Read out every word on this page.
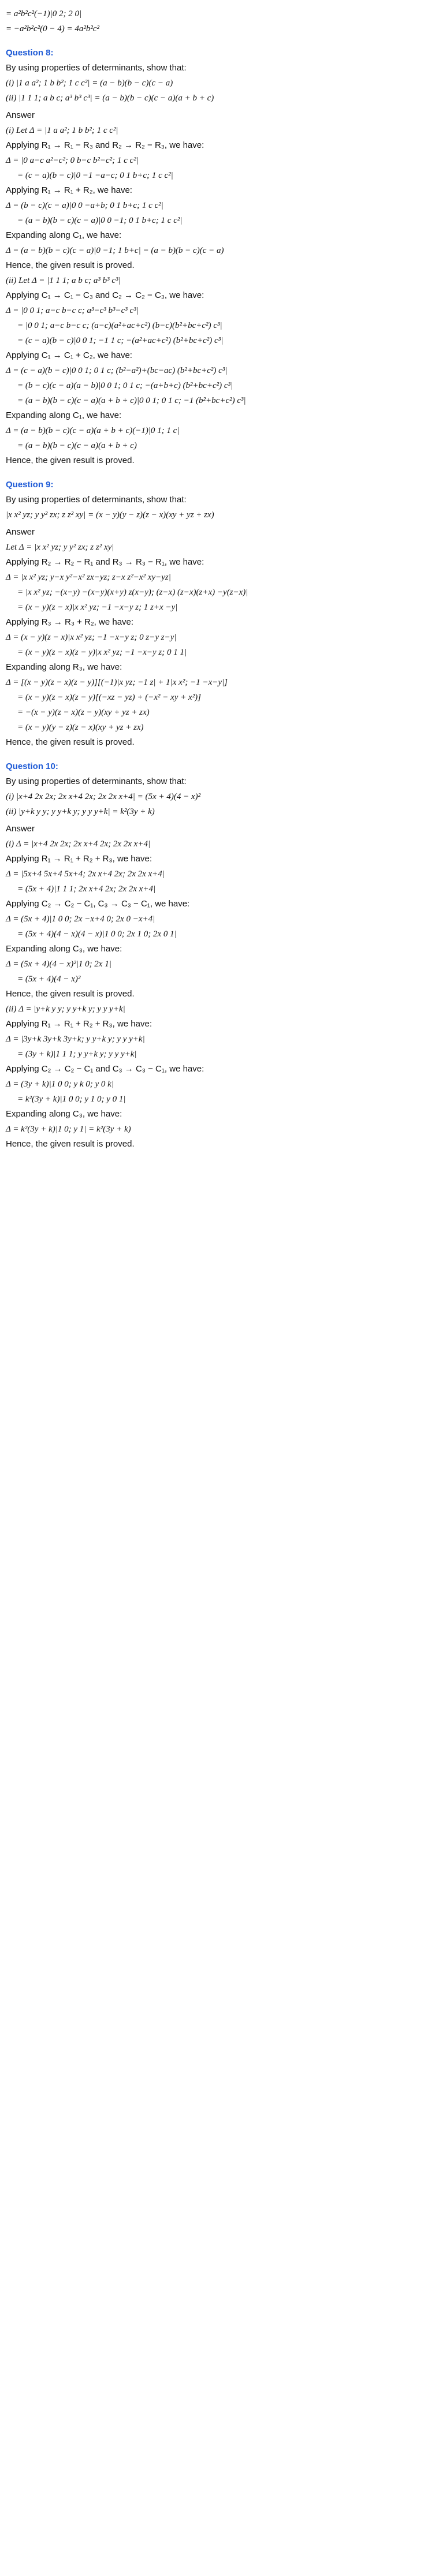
= a²b²c²(−1)|0 2; 2 0|
= −a²b²c²(0 − 4) = 4a²b²c²
Question 8:
By using properties of determinants, show that:
(i) |1 a a²; 1 b b²; 1 c c²| = (a − b)(b − c)(c − a)
(ii) |1 1 1; a b c; a³ b³ c³| = (a − b)(b − c)(c − a)(a + b + c)
Answer
(i) Let Δ = |1 a a²; 1 b b²; 1 c c²|
Applying R₁ → R₁ − R₃ and R₂ → R₂ − R₃, we have:
Δ = |0 a−c a²−c²; 0 b−c b²−c²; 1 c c²|
= (c − a)(b − c)|0 −1 −a−c; 0 1 b+c; 1 c c²|
Applying R₁ → R₁ + R₂, we have:
Δ = (b − c)(c − a)|0 0 −a+b; 0 1 b+c; 1 c c²|
= (a − b)(b − c)(c − a)|0 0 −1; 0 1 b+c; 1 c c²|
Expanding along C₁, we have:
Δ = (a − b)(b − c)(c − a)|0 −1; 1 b+c| = (a − b)(b − c)(c − a)
Hence, the given result is proved.
(ii) Let Δ = |1 1 1; a b c; a³ b³ c³|
Applying C₁ → C₁ − C₃ and C₂ → C₂ − C₃, we have:
Δ = |0 0 1; a−c b−c c; a³−c³ b³−c³ c³|
= |0 0 1; a−c b−c c; (a−c)(a²+ac+c²) (b−c)(b²+bc+c²) c³|
= (c − a)(b − c)|0 0 1; −1 1 c; −(a²+ac+c²) (b²+bc+c²) c³|
Applying C₁ → C₁ + C₂, we have:
Δ = (c − a)(b − c)|0 0 1; 0 1 c; (b²−a²)+(bc−ac) (b²+bc+c²) c³|
= (b − c)(c − a)(a − b)|0 0 1; 0 1 c; −(a+b+c) (b²+bc+c²) c³|
= (a − b)(b − c)(c − a)(a + b + c)|0 0 1; 0 1 c; −1 (b²+bc+c²) c³|
Expanding along C₁, we have:
Δ = (a − b)(b − c)(c − a)(a + b + c)(−1)|0 1; 1 c|
= (a − b)(b − c)(c − a)(a + b + c)
Hence, the given result is proved.
Question 9:
By using properties of determinants, show that:
|x x² yz; y y² zx; z z² xy| = (x − y)(y − z)(z − x)(xy + yz + zx)
Answer
Let Δ = |x x² yz; y y² zx; z z² xy|
Applying R₂ → R₂ − R₁ and R₃ → R₃ − R₁, we have:
Δ = |x x² yz; y−x y²−x² zx−yz; z−x z²−x² xy−yz|
= |x x² yz; −(x−y) −(x−y)(x+y) z(x−y); (z−x) (z−x)(z+x) −y(z−x)|
= (x − y)(z − x)|x x² yz; −1 −x−y z; 1 z+x −y|
Applying R₃ → R₃ + R₂, we have:
Δ = (x − y)(z − x)|x x² yz; −1 −x−y z; 0 z−y z−y|
= (x − y)(z − x)(z − y)|x x² yz; −1 −x−y z; 0 1 1|
Expanding along R₃, we have:
Δ = [(x − y)(z − x)(z − y)][(−1)|x yz; −1 z| + 1|x x²; −1 −x−y|]
= (x − y)(z − x)(z − y)[(−xz − yz) + (−x² − xy + x²)]
= −(x − y)(z − x)(z − y)(xy + yz + zx)
= (x − y)(y − z)(z − x)(xy + yz + zx)
Hence, the given result is proved.
Question 10:
By using properties of determinants, show that:
(i) |x+4 2x 2x; 2x x+4 2x; 2x 2x x+4| = (5x + 4)(4 − x)²
(ii) |y+k y y; y y+k y; y y y+k| = k²(3y + k)
Answer
(i) Δ = |x+4 2x 2x; 2x x+4 2x; 2x 2x x+4|
Applying R₁ → R₁ + R₂ + R₃, we have:
Δ = |5x+4 5x+4 5x+4; 2x x+4 2x; 2x 2x x+4|
= (5x + 4)|1 1 1; 2x x+4 2x; 2x 2x x+4|
Applying C₂ → C₂ − C₁, C₃ → C₃ − C₁, we have:
Δ = (5x + 4)|1 0 0; 2x −x+4 0; 2x 0 −x+4|
= (5x + 4)(4 − x)(4 − x)|1 0 0; 2x 1 0; 2x 0 1|
Expanding along C₃, we have:
Δ = (5x + 4)(4 − x)²|1 0; 2x 1|
= (5x + 4)(4 − x)²
Hence, the given result is proved.
(ii) Δ = |y+k y y; y y+k y; y y y+k|
Applying R₁ → R₁ + R₂ + R₃, we have:
Δ = |3y+k 3y+k 3y+k; y y+k y; y y y+k|
= (3y + k)|1 1 1; y y+k y; y y y+k|
Applying C₂ → C₂ − C₁ and C₃ → C₃ − C₁, we have:
Δ = (3y + k)|1 0 0; y k 0; y 0 k|
= k²(3y + k)|1 0 0; y 1 0; y 0 1|
Expanding along C₃, we have:
Δ = k²(3y + k)|1 0; y 1| = k²(3y + k)
Hence, the given result is proved.
